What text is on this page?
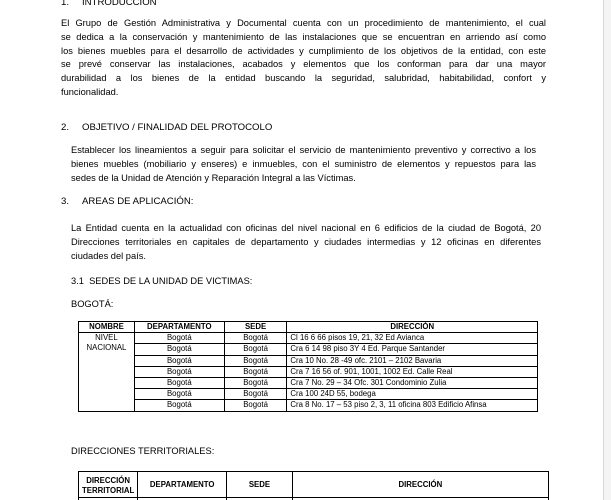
1. INTRODUCCION
El Grupo de Gestión Administrativa y Documental cuenta con un procedimiento de mantenimiento, el cual
se dedica a la conservación y mantenimiento de las instalaciones que se encuentran en arriendo así como
los bienes muebles para el desarrollo de actividades y cumplimiento de los objetivos de la entidad, con este
se prevé conservar las instalaciones, acabados y elementos que los conforman para dar una mayor
durabilidad a los bienes de la entidad buscando la seguridad, salubridad, habitabilidad, confort y
funcionalidad.
2. OBJETIVO / FINALIDAD DEL PROTOCOLO
Establecer los lineamientos a seguir para solicitar el servicio de mantenimiento preventivo y correctivo a los
bienes muebles (mobiliario y enseres) e inmuebles, con el suministro de elementos y repuestos para las
sedes de la Unidad de Atención y Reparación Integral a las Víctimas.
3. AREAS DE APLICACIÓN:
La Entidad cuenta en la actualidad con oficinas del nivel nacional en 6 edificios de la ciudad de Bogotá, 20
Direcciones territoriales en capitales de departamento y ciudades intermedias y 12 oficinas en diferentes
ciudades del país.
3.1 SEDES DE LA UNIDAD DE VICTIMAS:
BOGOTÁ:
NOMBRE	DEPARTAMENTO	SEDE	DIRECCIÓN
NIVEL
NACIONAL	Bogotá	Bogotá	Cl 16 6 66 pisos 19, 21, 32 Ed Avianca
	Bogotá	Bogotá	Cra 6 14 98 piso 3Y 4 Ed. Parque Santander
	Bogotá	Bogotá	Cra 10 No. 28 -49 ofc. 2101 – 2102 Bavaria
	Bogotá	Bogotá	Cra 7 16 56 of. 901, 1001, 1002 Ed. Calle Real
	Bogotá	Bogotá	Cra 7 No. 29 – 34 Ofc. 301 Condominio Zulia
	Bogotá	Bogotá	Cra 100 24D 55, bodega
	Bogotá	Bogotá	Cra 8 No. 17 – 53 piso 2, 3, 11 oficina 803 Edificio Afinsa
DIRECCIONES TERRITORIALES:
DIRECCIÓN
TERRITORIAL	DEPARTAMENTO	SEDE	DIRECCIÓN
